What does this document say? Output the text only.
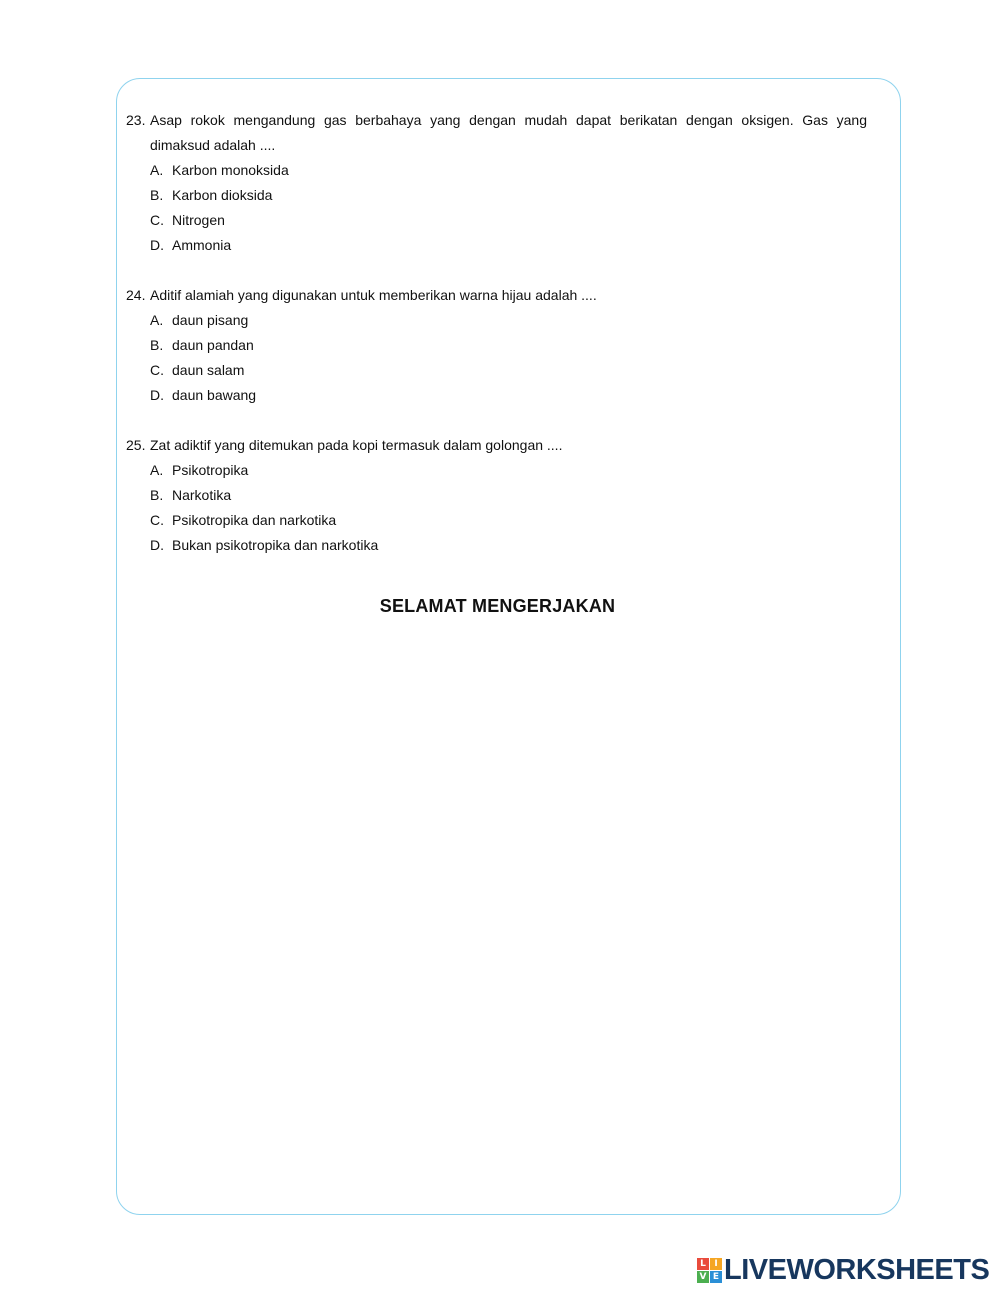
23. Asap rokok mengandung gas berbahaya yang dengan mudah dapat berikatan dengan oksigen. Gas yang dimaksud adalah ....
A. Karbon monoksida
B. Karbon dioksida
C. Nitrogen
D. Ammonia
24. Aditif alamiah yang digunakan untuk memberikan warna hijau adalah ....
A. daun pisang
B. daun pandan
C. daun salam
D. daun bawang
25. Zat adiktif yang ditemukan pada kopi termasuk dalam golongan ....
A. Psikotropika
B. Narkotika
C. Psikotropika dan narkotika
D. Bukan psikotropika dan narkotika
SELAMAT MENGERJAKAN
L I
V E LIVEWORKSHEETS
